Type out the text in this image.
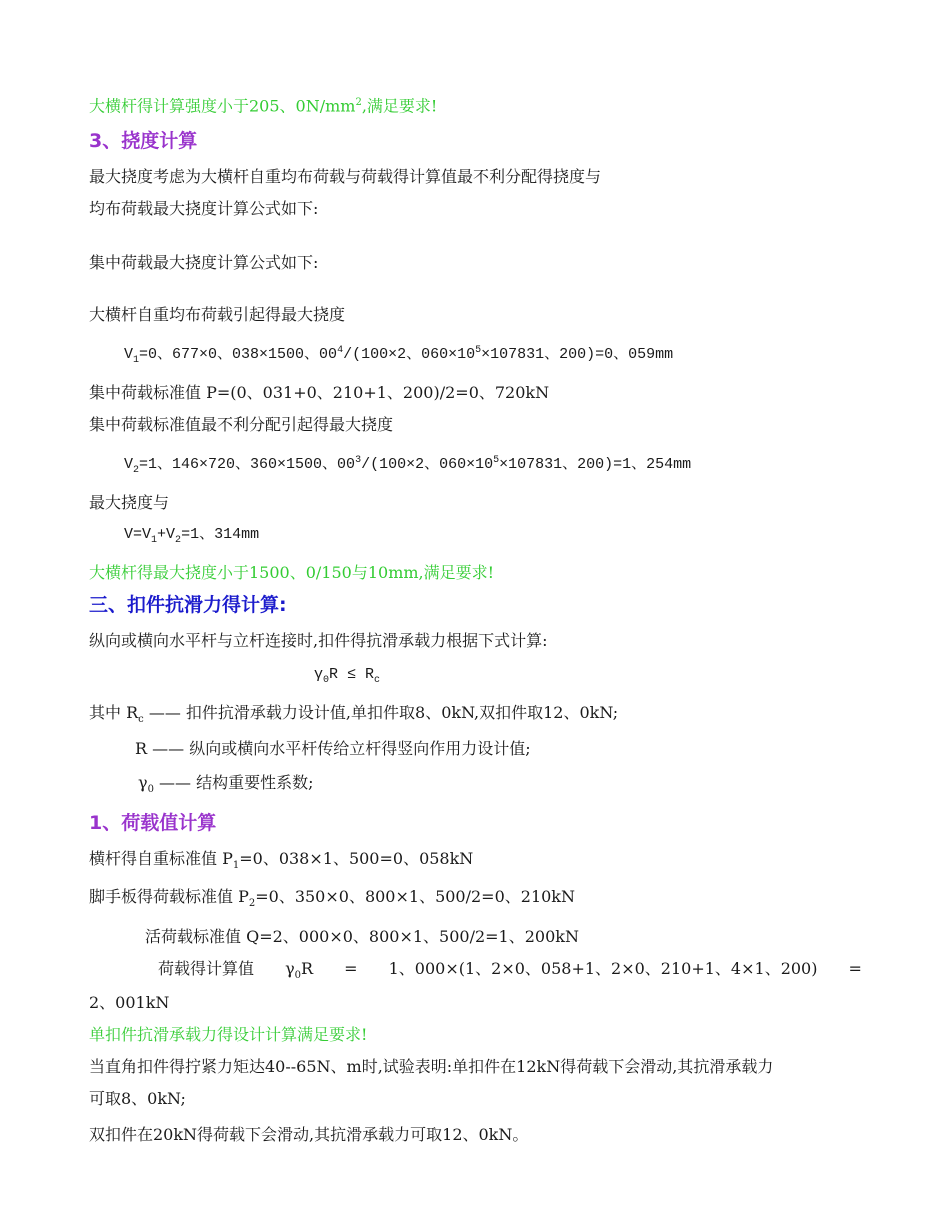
大横杆得计算强度小于205、$0N/mm^2$,满足要求!
3、挠度计算
最大挠度考虑为大横杆自重均布荷载与荷载得计算值最不利分配得挠度与
均布荷载最大挠度计算公式如下:
集中荷载最大挠度计算公式如下:
大横杆自重均布荷载引起得最大挠度
$V_1=0$、677×0、038×1500、$00^4/(100\times 2$、$060\times 10^5\times 107831$、200)=0、059mm
集中荷载标准值 P=(0、031+0、210+1、200)/2=0、720kN
集中荷载标准值最不利分配引起得最大挠度
$V_2=1$、146×720、360×1500、$00^3/(100\times 2$、$060\times 10^5\times 107831$、200)=1、254mm
最大挠度与
$V=V_1+V_2=1$、314mm
大横杆得最大挠度小于1500、0/150与10mm,满足要求!
三、扣件抗滑力得计算:
纵向或横向水平杆与立杆连接时,扣件得抗滑承载力根据下式计算:
$\gamma_0R \le R_c$
其中 $R_c$ —— 扣件抗滑承载力设计值,单扣件取8、0kN,双扣件取12、0kN;
R —— 纵向或横向水平杆传给立杆得竖向作用力设计值;
$\gamma_0$ —— 结构重要性系数;
1、荷载值计算
横杆得自重标准值 $P_1=0$、038×1、500=0、058kN
脚手板得荷载标准值 $P_2=0$、350×0、800×1、500/2=0、210kN
活荷载标准值 Q=2、000×0、800×1、500/2=1、200kN
荷载得计算值 $\gamma_0R = 1$、000×(1、2×0、058+1、2×0、210+1、4×1、200) =
2、001kN
单扣件抗滑承载力得设计计算满足要求!
当直角扣件得拧紧力矩达40--65N、m时,试验表明:单扣件在12kN得荷载下会滑动,其抗滑承载力
可取8、0kN;
双扣件在20kN得荷载下会滑动,其抗滑承载力可取12、0kN。
